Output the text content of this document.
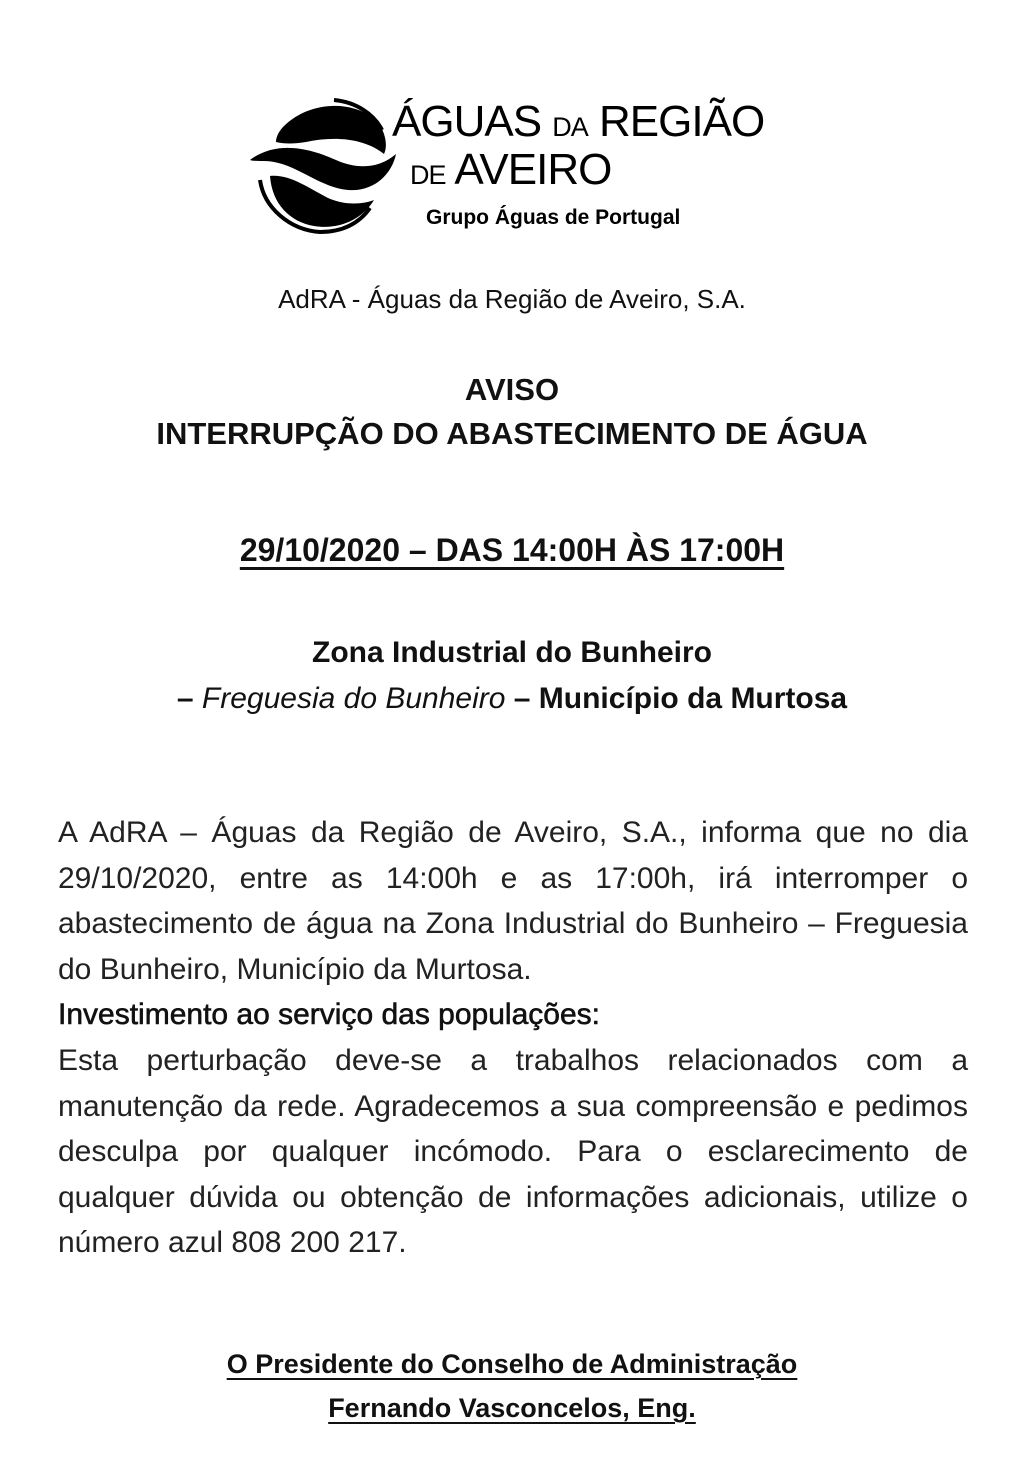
ÁGUAS DA REGIÃO
DE AVEIRO
Grupo Águas de Portugal
AdRA - Águas da Região de Aveiro, S.A.
AVISO
INTERRUPÇÃO DO ABASTECIMENTO DE ÁGUA
29/10/2020 – DAS 14:00H ÀS 17:00H
Zona Industrial do Bunheiro
– Freguesia do Bunheiro – Município da Murtosa

A AdRA – Águas da Região de Aveiro, S.A., informa que no dia 29/10/2020, entre as 14:00h e as 17:00h, irá interromper o abastecimento de água na Zona Industrial do Bunheiro – Freguesia do Bunheiro, Município da Murtosa.

Investimento ao serviço das populações:

Esta perturbação deve-se a trabalhos relacionados com a manutenção da rede. Agradecemos a sua compreensão e pedimos desculpa por qualquer incómodo. Para o esclarecimento de qualquer dúvida ou obtenção de informações adicionais, utilize o número azul 808 200 217.

O Presidente do Conselho de Administração
Fernando Vasconcelos, Eng.
